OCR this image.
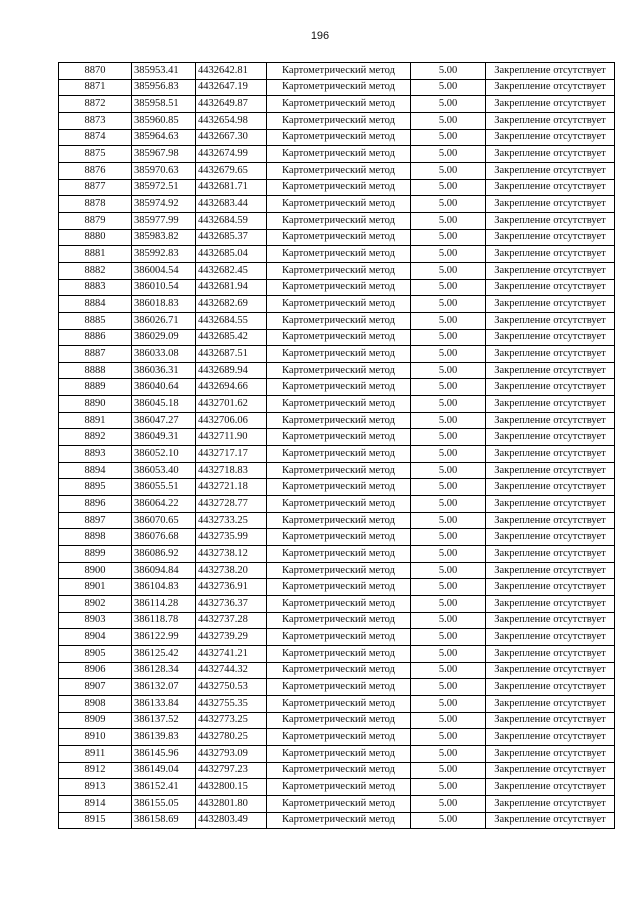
196
8870	385953.41	4432642.81	Картометрический метод	5.00	Закрепление отсутствует
8871	385956.83	4432647.19	Картометрический метод	5.00	Закрепление отсутствует
8872	385958.51	4432649.87	Картометрический метод	5.00	Закрепление отсутствует
8873	385960.85	4432654.98	Картометрический метод	5.00	Закрепление отсутствует
8874	385964.63	4432667.30	Картометрический метод	5.00	Закрепление отсутствует
8875	385967.98	4432674.99	Картометрический метод	5.00	Закрепление отсутствует
8876	385970.63	4432679.65	Картометрический метод	5.00	Закрепление отсутствует
8877	385972.51	4432681.71	Картометрический метод	5.00	Закрепление отсутствует
8878	385974.92	4432683.44	Картометрический метод	5.00	Закрепление отсутствует
8879	385977.99	4432684.59	Картометрический метод	5.00	Закрепление отсутствует
8880	385983.82	4432685.37	Картометрический метод	5.00	Закрепление отсутствует
8881	385992.83	4432685.04	Картометрический метод	5.00	Закрепление отсутствует
8882	386004.54	4432682.45	Картометрический метод	5.00	Закрепление отсутствует
8883	386010.54	4432681.94	Картометрический метод	5.00	Закрепление отсутствует
8884	386018.83	4432682.69	Картометрический метод	5.00	Закрепление отсутствует
8885	386026.71	4432684.55	Картометрический метод	5.00	Закрепление отсутствует
8886	386029.09	4432685.42	Картометрический метод	5.00	Закрепление отсутствует
8887	386033.08	4432687.51	Картометрический метод	5.00	Закрепление отсутствует
8888	386036.31	4432689.94	Картометрический метод	5.00	Закрепление отсутствует
8889	386040.64	4432694.66	Картометрический метод	5.00	Закрепление отсутствует
8890	386045.18	4432701.62	Картометрический метод	5.00	Закрепление отсутствует
8891	386047.27	4432706.06	Картометрический метод	5.00	Закрепление отсутствует
8892	386049.31	4432711.90	Картометрический метод	5.00	Закрепление отсутствует
8893	386052.10	4432717.17	Картометрический метод	5.00	Закрепление отсутствует
8894	386053.40	4432718.83	Картометрический метод	5.00	Закрепление отсутствует
8895	386055.51	4432721.18	Картометрический метод	5.00	Закрепление отсутствует
8896	386064.22	4432728.77	Картометрический метод	5.00	Закрепление отсутствует
8897	386070.65	4432733.25	Картометрический метод	5.00	Закрепление отсутствует
8898	386076.68	4432735.99	Картометрический метод	5.00	Закрепление отсутствует
8899	386086.92	4432738.12	Картометрический метод	5.00	Закрепление отсутствует
8900	386094.84	4432738.20	Картометрический метод	5.00	Закрепление отсутствует
8901	386104.83	4432736.91	Картометрический метод	5.00	Закрепление отсутствует
8902	386114.28	4432736.37	Картометрический метод	5.00	Закрепление отсутствует
8903	386118.78	4432737.28	Картометрический метод	5.00	Закрепление отсутствует
8904	386122.99	4432739.29	Картометрический метод	5.00	Закрепление отсутствует
8905	386125.42	4432741.21	Картометрический метод	5.00	Закрепление отсутствует
8906	386128.34	4432744.32	Картометрический метод	5.00	Закрепление отсутствует
8907	386132.07	4432750.53	Картометрический метод	5.00	Закрепление отсутствует
8908	386133.84	4432755.35	Картометрический метод	5.00	Закрепление отсутствует
8909	386137.52	4432773.25	Картометрический метод	5.00	Закрепление отсутствует
8910	386139.83	4432780.25	Картометрический метод	5.00	Закрепление отсутствует
8911	386145.96	4432793.09	Картометрический метод	5.00	Закрепление отсутствует
8912	386149.04	4432797.23	Картометрический метод	5.00	Закрепление отсутствует
8913	386152.41	4432800.15	Картометрический метод	5.00	Закрепление отсутствует
8914	386155.05	4432801.80	Картометрический метод	5.00	Закрепление отсутствует
8915	386158.69	4432803.49	Картометрический метод	5.00	Закрепление отсутствует
